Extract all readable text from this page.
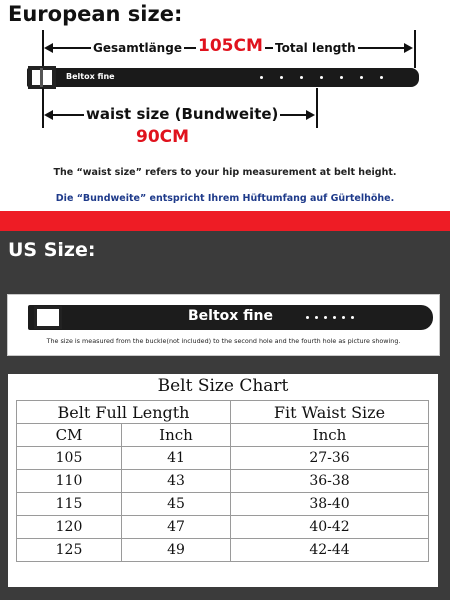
European size:
Gesamtlänge 105CM Total length
Beltox fine
waist size (Bundweite)
90CM
The “waist size” refers to your hip measurement at belt height.
Die “Bundweite” entspricht Ihrem Hüftumfang auf Gürtelhöhe.
US Size:
Beltox fine
The size is measured from the buckle(not included) to the second hole and the fourth hole as picture showing.
Belt Size Chart
Belt Full Length		Fit Waist Size
CM	Inch	Inch
105	41	27-36
110	43	36-38
115	45	38-40
120	47	40-42
125	49	42-44
